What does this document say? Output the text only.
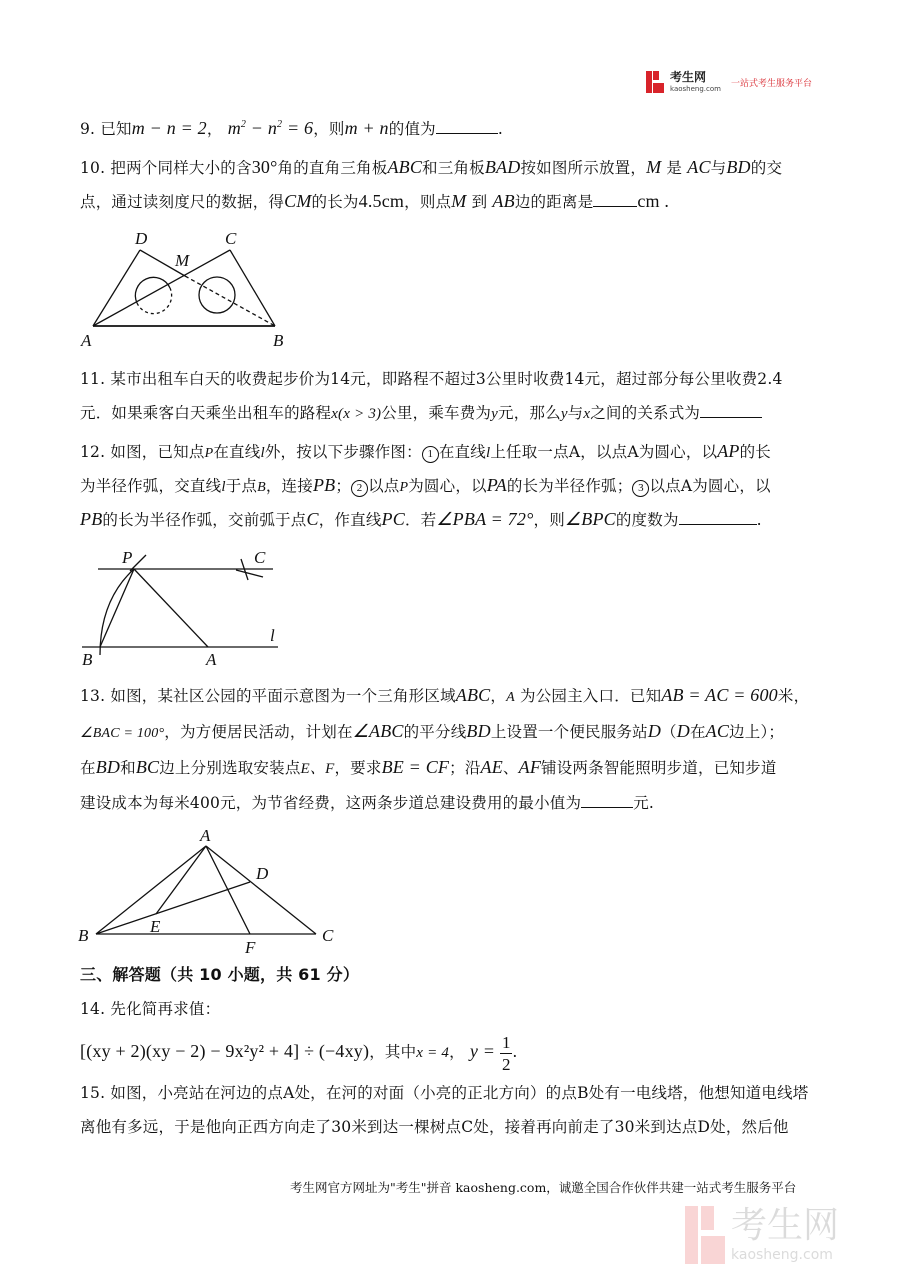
考生网
kaosheng.com
一站式考生服务平台
9. 已知m − n = 2， $m^2 - n^2 = 6$，则m + n的值为	.
10. 把两个同样大小的含30°角的直角三角板ABC和三角板BAD按如图所示放置，M 是 AC与BD的交
点，通过读刻度尺的数据，得CM的长为4.5cm，则点M 到 AB边的距离是 cm .
D	C
M
A	B
11. 某市出租车白天的收费起步价为14元，即路程不超过3公里时收费14元，超过部分每公里收费2.4
元．如果乘客白天乘坐出租车的路程x(x > 3)公里，乘车费为y元，那么y与x之间的关系式为
12. 如图，已知点P在直线l外，按以下步骤作图： 1 在直线l上任取一点A，以点A为圆心，以AP的长
为半径作弧，交直线l于点B，连接PB； 2 以点P为圆心，以PA的长为半径作弧； 3 以点A为圆心，以
PB的长为半径作弧，交前弧于点C，作直线PC．若∠PBA = 72°，则∠BPC的度数为	.
P	C
B	A
l
13. 如图，某社区公园的平面示意图为一个三角形区域ABC，A 为公园主入口．已知AB = AC = 600米，
∠BAC = 100°，为方便居民活动，计划在∠ABC的平分线BD上设置一个便民服务站D（D在AC边上）；
在BD和BC边上分别选取安装点E、F，要求BE = CF；沿AE、AF铺设两条智能照明步道，已知步道
建设成本为每米400元，为节省经费，这两条步道总建设费用的最小值为	元.
A
D
E
B
F
C
三、解答题（共 10 小题，共 61 分）
14. 先化简再求值：
[(xy + 2)(xy − 2) − 9x²y² + 4] ÷ (−4xy)，其中x = 4， $y = \frac{1}{2}$ .
15. 如图，小亮站在河边的点A处，在河的对面（小亮的正北方向）的点B处有一电线塔，他想知道电线塔
离他有多远，于是他向正西方向走了30米到达一棵树点C处，接着再向前走了30米到达点D处，然后他
考生网官方网址为"考生"拼音 kaosheng.com，诚邀全国合作伙伴共建一站式考生服务平台
考生网
kaosheng.com
